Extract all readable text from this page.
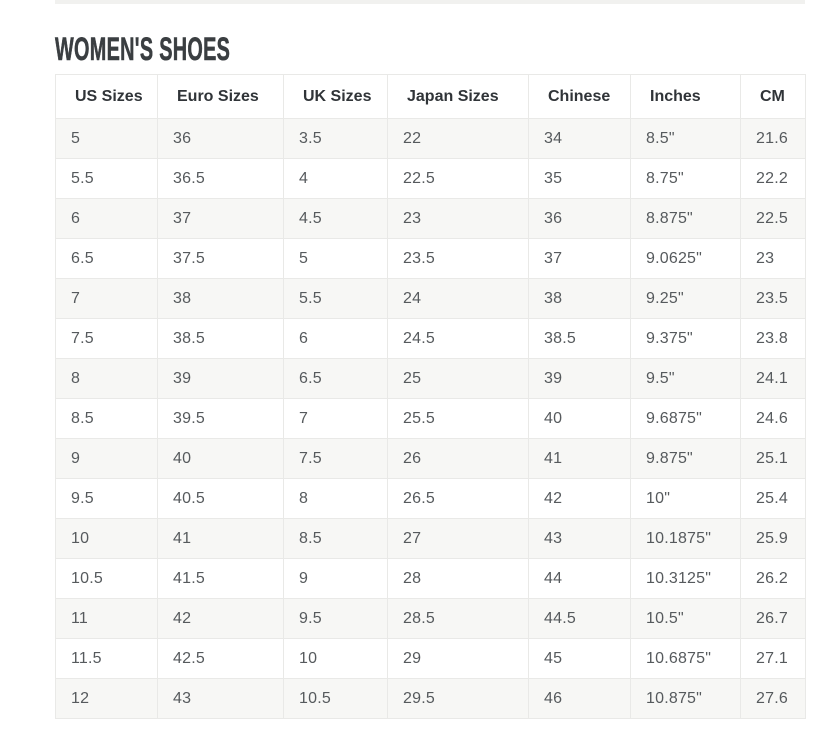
WOMEN'S SHOES
US Sizes	Euro Sizes	UK Sizes	Japan Sizes	Chinese	Inches	CM
5	36	3.5	22	34	8.5"	21.6
5.5	36.5	4	22.5	35	8.75"	22.2
6	37	4.5	23	36	8.875"	22.5
6.5	37.5	5	23.5	37	9.0625"	23
7	38	5.5	24	38	9.25"	23.5
7.5	38.5	6	24.5	38.5	9.375"	23.8
8	39	6.5	25	39	9.5"	24.1
8.5	39.5	7	25.5	40	9.6875"	24.6
9	40	7.5	26	41	9.875"	25.1
9.5	40.5	8	26.5	42	10"	25.4
10	41	8.5	27	43	10.1875"	25.9
10.5	41.5	9	28	44	10.3125"	26.2
11	42	9.5	28.5	44.5	10.5"	26.7
11.5	42.5	10	29	45	10.6875"	27.1
12	43	10.5	29.5	46	10.875"	27.6
